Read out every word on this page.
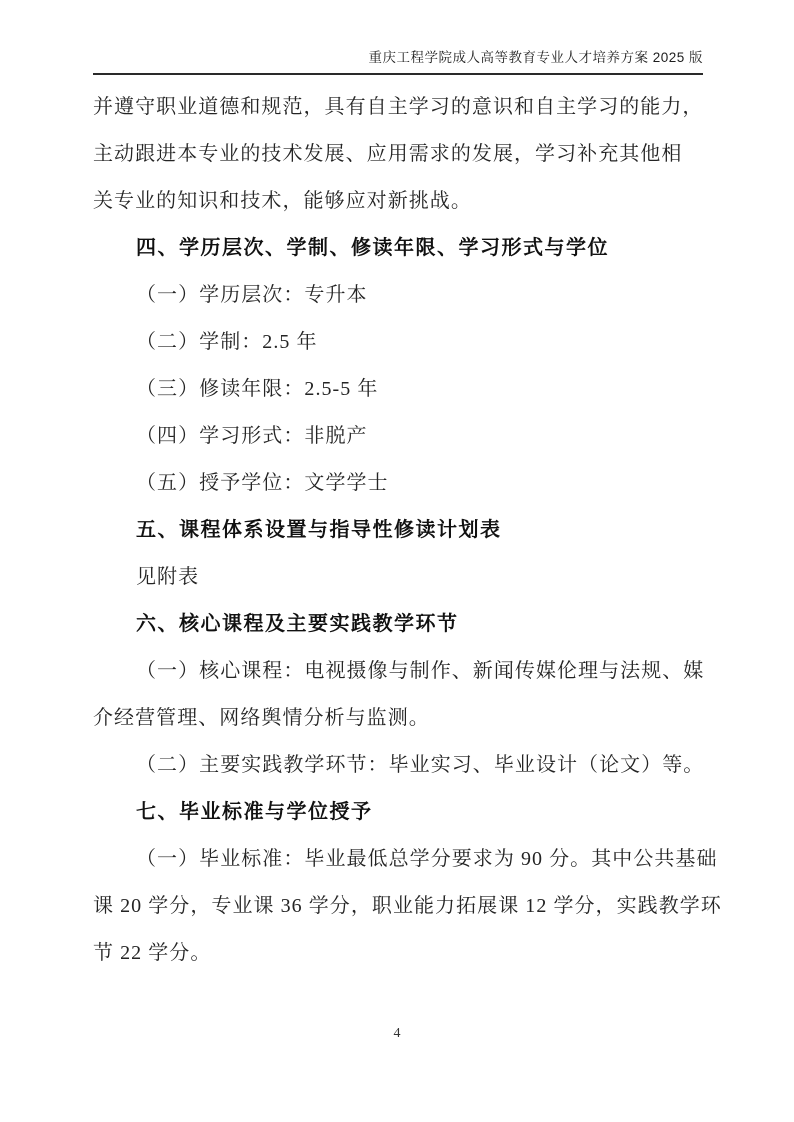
重庆工程学院成人高等教育专业人才培养方案 2025 版
并遵守职业道德和规范，具有自主学习的意识和自主学习的能力，
主动跟进本专业的技术发展、应用需求的发展，学习补充其他相
关专业的知识和技术，能够应对新挑战。
四、学历层次、学制、修读年限、学习形式与学位
（一）学历层次：专升本
（二）学制：2.5 年
（三）修读年限：2.5-5 年
（四）学习形式：非脱产
（五）授予学位：文学学士
五、课程体系设置与指导性修读计划表
见附表
六、核心课程及主要实践教学环节
（一）核心课程：电视摄像与制作、新闻传媒伦理与法规、媒
介经营管理、网络舆情分析与监测。
（二）主要实践教学环节：毕业实习、毕业设计（论文）等。
七、毕业标准与学位授予
（一）毕业标准：毕业最低总学分要求为 90 分。其中公共基础
课 20 学分，专业课 36 学分，职业能力拓展课 12 学分，实践教学环
节 22 学分。
4
